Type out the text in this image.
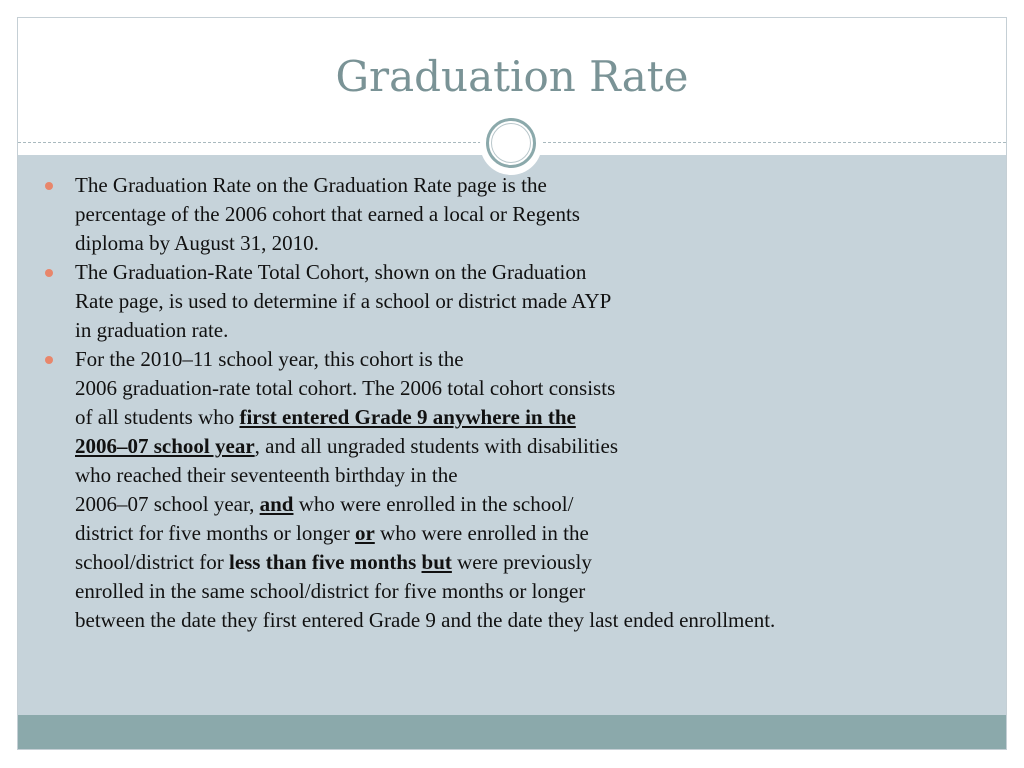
Graduation Rate
The Graduation Rate on the Graduation Rate page is the
percentage of the 2006 cohort that earned a local or Regents
diploma by August 31, 2010.
The Graduation-Rate Total Cohort, shown on the Graduation
Rate page, is used to determine if a school or district made AYP
in graduation rate.
For the 2010–11 school year, this cohort is the
2006 graduation-rate total cohort. The 2006 total cohort consists
of all students who first entered Grade 9 anywhere in the
2006–07 school year, and all ungraded students with disabilities
who reached their seventeenth birthday in the
2006–07 school year, and who were enrolled in the school/
district for five months or longer or who were enrolled in the
school/district for less than five months but were previously
enrolled in the same school/district for five months or longer
between the date they first entered Grade 9 and the date they last ended enrollment.
